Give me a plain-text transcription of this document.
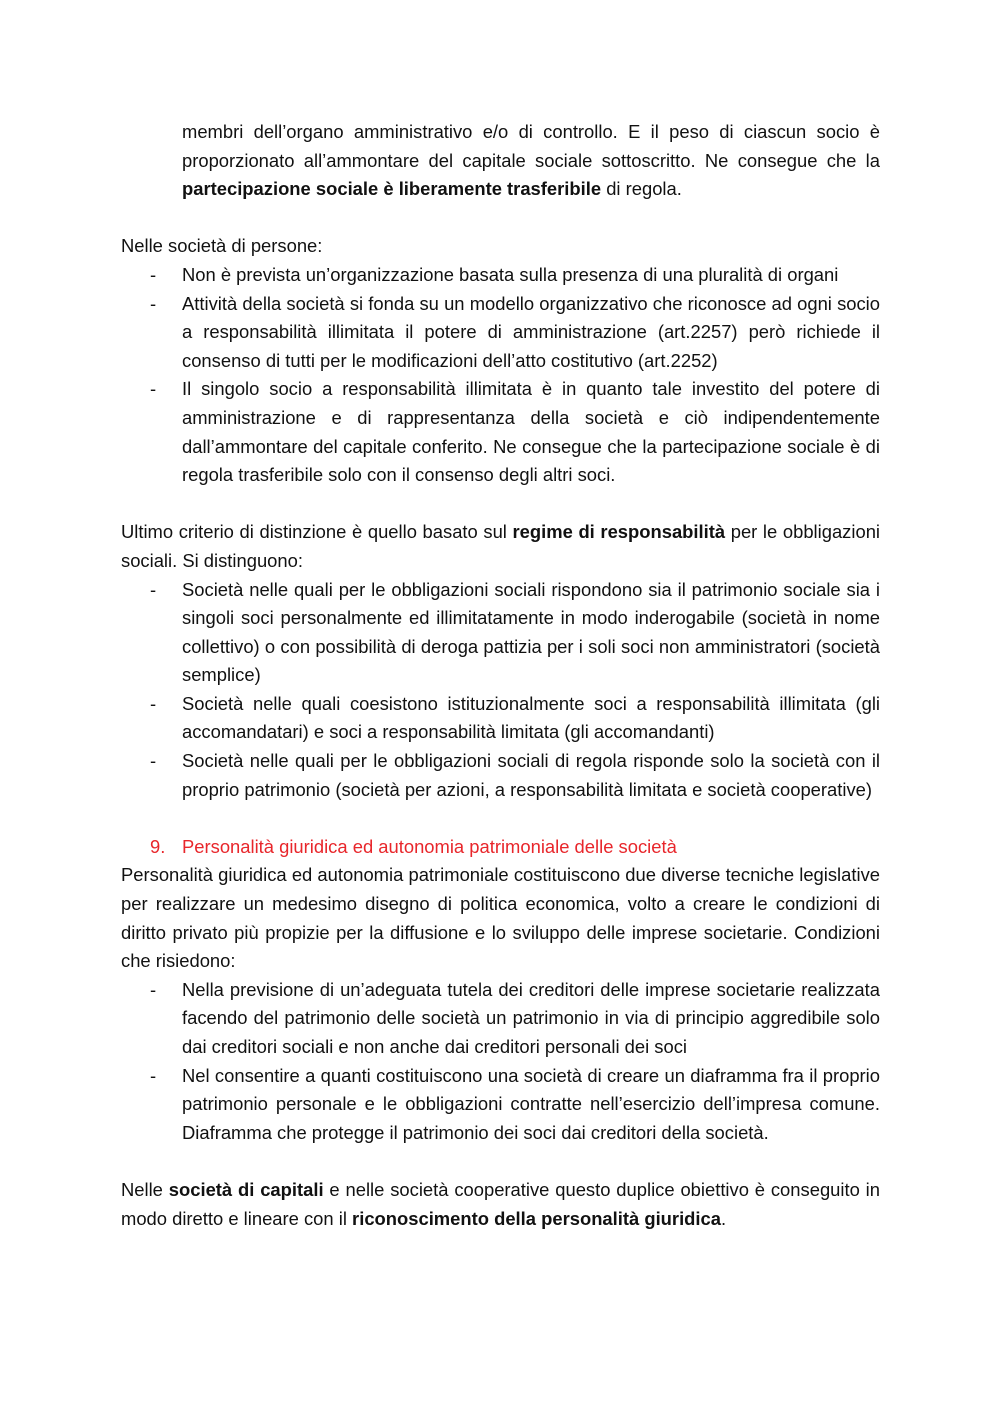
membri dell’organo amministrativo e/o di controllo. E il peso di ciascun socio è proporzionato all’ammontare del capitale sociale sottoscritto. Ne consegue che la partecipazione sociale è liberamente trasferibile di regola.

Nelle società di persone:

- Non è prevista un’organizzazione basata sulla presenza di una pluralità di organi
- Attività della società si fonda su un modello organizzativo che riconosce ad ogni socio a responsabilità illimitata il potere di amministrazione (art.2257) però richiede il consenso di tutti per le modificazioni dell’atto costitutivo (art.2252)
- Il singolo socio a responsabilità illimitata è in quanto tale investito del potere di amministrazione e di rappresentanza della società e ciò indipendentemente dall’ammontare del capitale conferito. Ne consegue che la partecipazione sociale è di regola trasferibile solo con il consenso degli altri soci.

Ultimo criterio di distinzione è quello basato sul regime di responsabilità per le obbligazioni sociali. Si distinguono:

- Società nelle quali per le obbligazioni sociali rispondono sia il patrimonio sociale sia i singoli soci personalmente ed illimitatamente in modo inderogabile (società in nome collettivo) o con possibilità di deroga pattizia per i soli soci non amministratori (società semplice)
- Società nelle quali coesistono istituzionalmente soci a responsabilità illimitata (gli accomandatari) e soci a responsabilità limitata (gli accomandanti)
- Società nelle quali per le obbligazioni sociali di regola risponde solo la società con il proprio patrimonio (società per azioni, a responsabilità limitata e società cooperative)
9. Personalità giuridica ed autonomia patrimoniale delle società

Personalità giuridica ed autonomia patrimoniale costituiscono due diverse tecniche legislative per realizzare un medesimo disegno di politica economica, volto a creare le condizioni di diritto privato più propizie per la diffusione e lo sviluppo delle imprese societarie. Condizioni che risiedono:

- Nella previsione di un’adeguata tutela dei creditori delle imprese societarie realizzata facendo del patrimonio delle società un patrimonio in via di principio aggredibile solo dai creditori sociali e non anche dai creditori personali dei soci
- Nel consentire a quanti costituiscono una società di creare un diaframma fra il proprio patrimonio personale e le obbligazioni contratte nell’esercizio dell’impresa comune. Diaframma che protegge il patrimonio dei soci dai creditori della società.

Nelle società di capitali e nelle società cooperative questo duplice obiettivo è conseguito in modo diretto e lineare con il riconoscimento della personalità giuridica.
